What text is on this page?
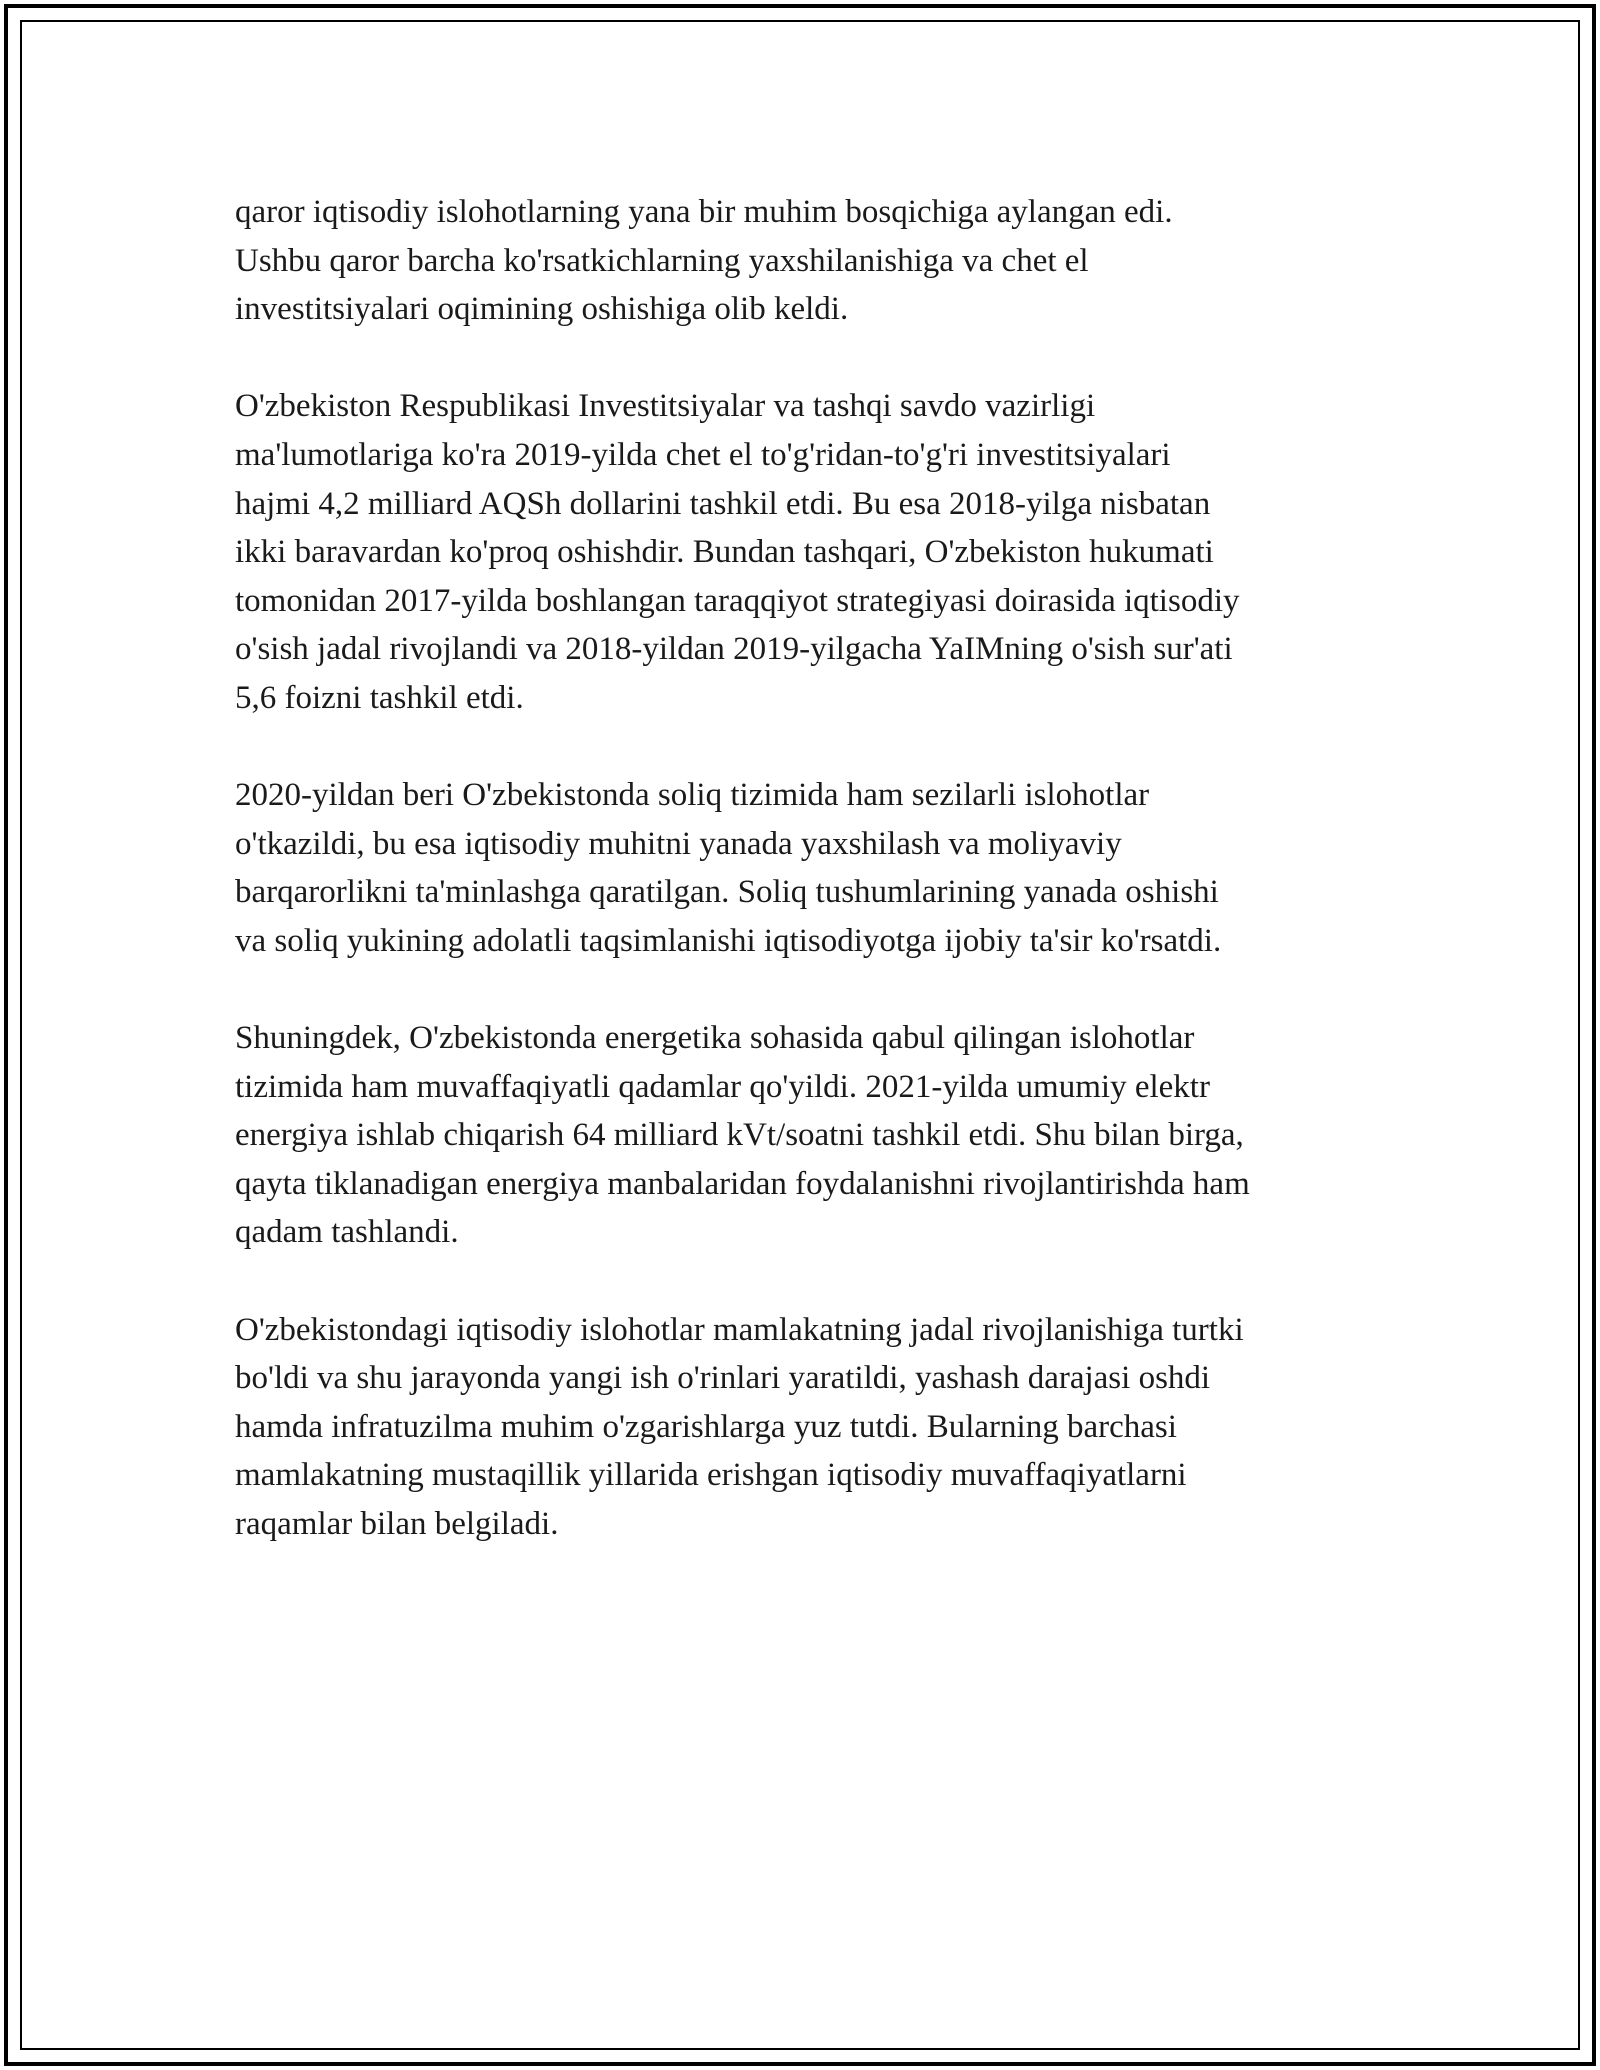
qaror iqtisodiy islohotlarning yana bir muhim bosqichiga aylangan edi.
Ushbu qaror barcha ko'rsatkichlarning yaxshilanishiga va chet el
investitsiyalari oqimining oshishiga olib keldi.

O'zbekiston Respublikasi Investitsiyalar va tashqi savdo vazirligi
ma'lumotlariga ko'ra 2019-yilda chet el to'g'ridan-to'g'ri investitsiyalari
hajmi 4,2 milliard AQSh dollarini tashkil etdi. Bu esa 2018-yilga nisbatan
ikki baravardan ko'proq oshishdir. Bundan tashqari, O'zbekiston hukumati
tomonidan 2017-yilda boshlangan taraqqiyot strategiyasi doirasida iqtisodiy
o'sish jadal rivojlandi va 2018-yildan 2019-yilgacha YaIMning o'sish sur'ati
5,6 foizni tashkil etdi.

2020-yildan beri O'zbekistonda soliq tizimida ham sezilarli islohotlar
o'tkazildi, bu esa iqtisodiy muhitni yanada yaxshilash va moliyaviy
barqarorlikni ta'minlashga qaratilgan. Soliq tushumlarining yanada oshishi
va soliq yukining adolatli taqsimlanishi iqtisodiyotga ijobiy ta'sir ko'rsatdi.

Shuningdek, O'zbekistonda energetika sohasida qabul qilingan islohotlar
tizimida ham muvaffaqiyatli qadamlar qo'yildi. 2021-yilda umumiy elektr
energiya ishlab chiqarish 64 milliard kVt/soatni tashkil etdi. Shu bilan birga,
qayta tiklanadigan energiya manbalaridan foydalanishni rivojlantirishda ham
qadam tashlandi.

O'zbekistondagi iqtisodiy islohotlar mamlakatning jadal rivojlanishiga turtki
bo'ldi va shu jarayonda yangi ish o'rinlari yaratildi, yashash darajasi oshdi
hamda infratuzilma muhim o'zgarishlarga yuz tutdi. Bularning barchasi
mamlakatning mustaqillik yillarida erishgan iqtisodiy muvaffaqiyatlarni
raqamlar bilan belgiladi.
